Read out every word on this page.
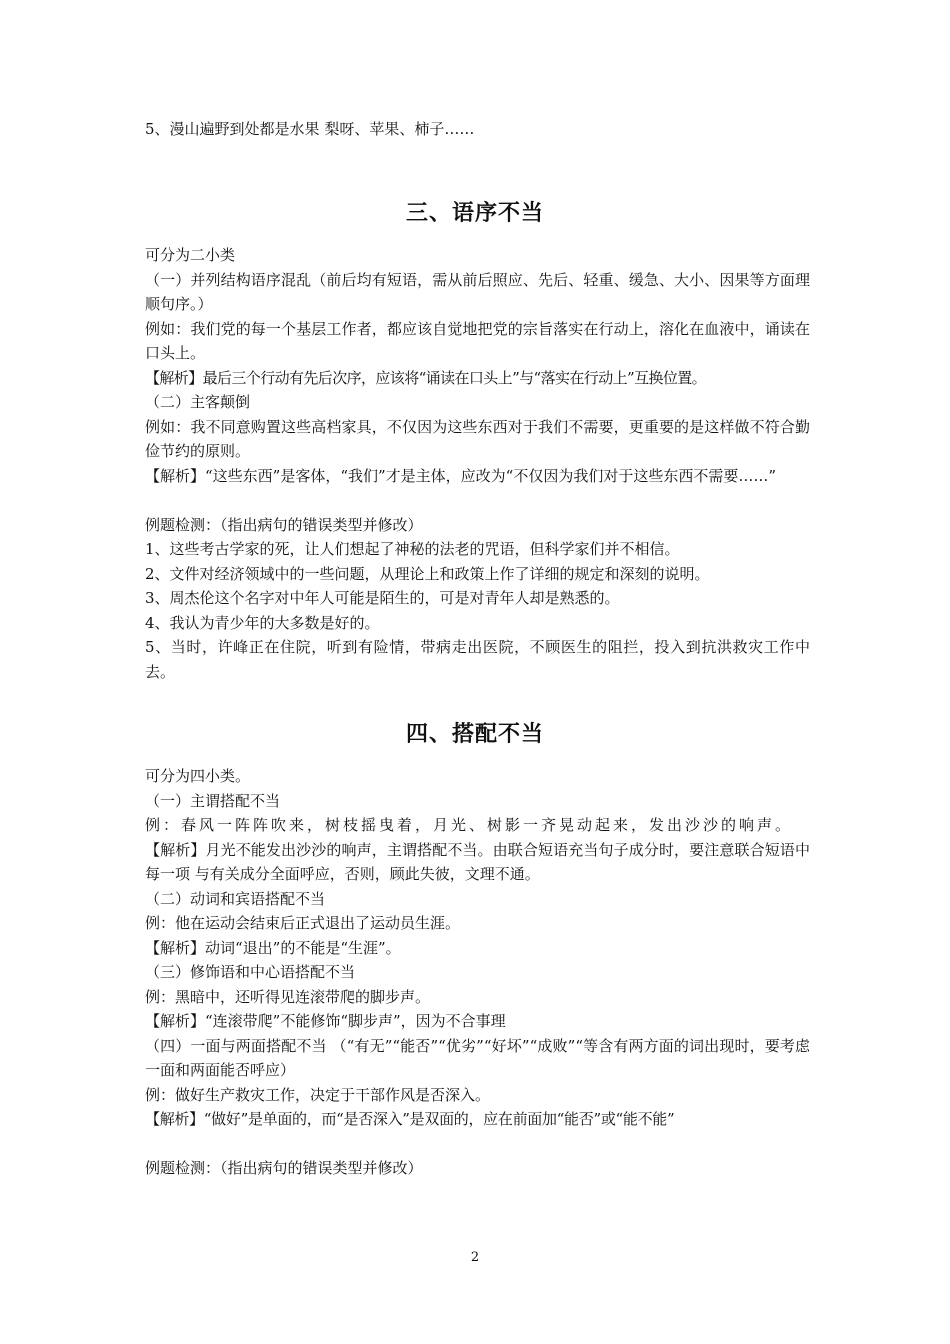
5、漫山遍野到处都是水果 梨呀、苹果、柿子……
三、语序不当
可分为二小类
（一）并列结构语序混乱（前后均有短语，需从前后照应、先后、轻重、缓急、大小、因果等方面理顺句序。）
例如：我们党的每一个基层工作者，都应该自觉地把党的宗旨落实在行动上，溶化在血液中，诵读在口头上。
【解析】最后三个行动有先后次序，应该将“诵读在口头上”与“落实在行动上”互换位置。
（二）主客颠倒
例如：我不同意购置这些高档家具，不仅因为这些东西对于我们不需要，更重要的是这样做不符合勤俭节约的原则。
【解析】“这些东西”是客体，“我们”才是主体，应改为“不仅因为我们对于这些东西不需要……”
例题检测：（指出病句的错误类型并修改）
1、这些考古学家的死，让人们想起了神秘的法老的咒语，但科学家们并不相信。
2、文件对经济领域中的一些问题，从理论上和政策上作了详细的规定和深刻的说明。
3、周杰伦这个名字对中年人可能是陌生的，可是对青年人却是熟悉的。
4、我认为青少年的大多数是好的。
5、当时，许峰正在住院，听到有险情，带病走出医院，不顾医生的阻拦，投入到抗洪救灾工作中去。
四、搭配不当
可分为四小类。
（一）主谓搭配不当
例：春风一阵阵吹来，树枝摇曳着，月光、树影一齐晃动起来，发出沙沙的响声。
【解析】月光不能发出沙沙的响声，主谓搭配不当。由联合短语充当句子成分时，要注意联合短语中每一项 与有关成分全面呼应，否则，顾此失彼，文理不通。
（二）动词和宾语搭配不当
例：他在运动会结束后正式退出了运动员生涯。
【解析】动词“退出”的不能是“生涯”。
（三）修饰语和中心语搭配不当
例：黑暗中，还听得见连滚带爬的脚步声。
【解析】“连滚带爬”不能修饰“脚步声”，因为不合事理
（四）一面与两面搭配不当 （“有无”“能否”“优劣”“好坏”“成败”“等含有两方面的词出现时，要考虑一面和两面能否呼应）
例：做好生产救灾工作，决定于干部作风是否深入。
【解析】“做好”是单面的，而“是否深入”是双面的，应在前面加“能否”或“能不能”
例题检测：（指出病句的错误类型并修改）
2
